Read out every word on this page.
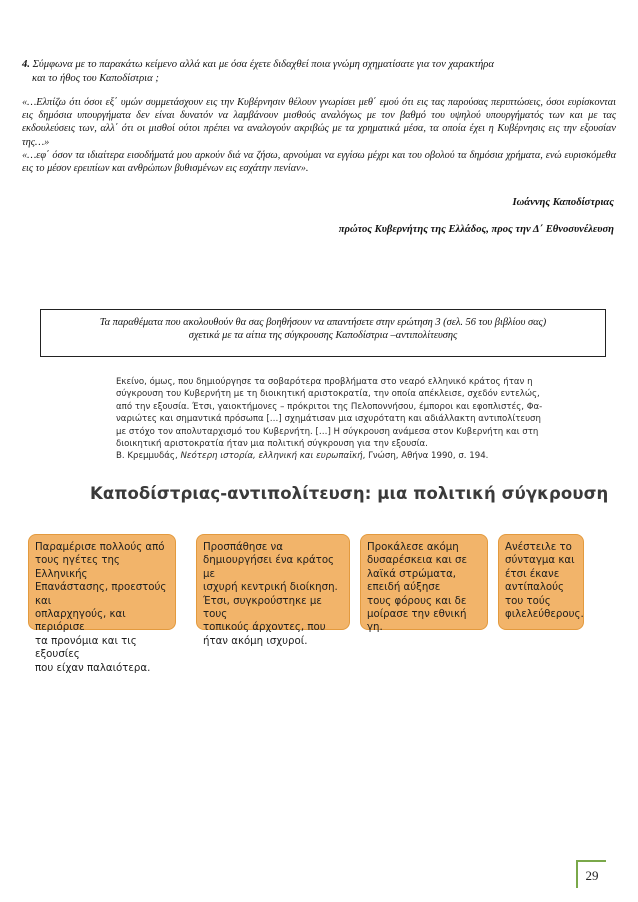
4. Σύμφωνα με το παρακάτω κείμενο αλλά και με όσα έχετε διδαχθεί ποια γνώμη σχηματίσατε για τον χαρακτήρα
και το ήθος του Καποδίστρια ;

«…Ελπίζω ότι όσοι εξ΄ υμών συμμετάσχουν εις την Κυβέρνησιν θέλουν γνωρίσει μεθ΄ εμού ότι εις τας παρούσας περιπτώσεις, όσοι ευρίσκονται εις δημόσια υπουργήματα δεν είναι δυνατόν να λαμβάνουν μισθούς αναλόγως με τον βαθμό του υψηλού υπουργήματός των και με τας εκδουλεύσεις των, αλλ΄ ότι οι μισθοί ούτοι πρέπει να αναλογούν ακριβώς με τα χρηματικά μέσα, τα οποία έχει η Κυβέρνησις εις την εξουσίαν της…»

«…εφ΄ όσον τα ιδιαίτερα εισοδήματά μου αρκούν διά να ζήσω, αρνούμαι να εγγίσω μέχρι και του οβολού τα δημόσια χρήματα, ενώ ευρισκόμεθα εις το μέσον ερειπίων και ανθρώπων βυθισμένων εις εσχάτην πενίαν».

Ιωάννης Καποδίστριας
πρώτος Κυβερνήτης της Ελλάδος, προς την Δ΄ Εθνοσυνέλευση
Τα παραθέματα που ακολουθούν θα σας βοηθήσουν να απαντήσετε στην ερώτηση 3 (σελ. 56 του βιβλίου σας)
σχετικά με τα αίτια της σύγκρουσης Καποδίστρια –αντιπολίτευσης
Εκείνο, όμως, που δημιούργησε τα σοβαρότερα προβλήματα στο νεαρό ελληνικό κράτος ήταν η
σύγκρουση του Κυβερνήτη με τη διοικητική αριστοκρατία, την οποία απέκλεισε, σχεδόν εντελώς,
από την εξουσία. Έτσι, γαιοκτήμονες – πρόκριτοι της Πελοποννήσου, έμποροι και εφοπλιστές, Φα-
ναριώτες και σημαντικά πρόσωπα […] σχημάτισαν μια ισχυρότατη και αδιάλλακτη αντιπολίτευση
με στόχο τον απολυταρχισμό του Κυβερνήτη. […] Η σύγκρουση ανάμεσα στον Κυβερνήτη και στη
διοικητική αριστοκρατία ήταν μια πολιτική σύγκρουση για την εξουσία.
Β. Κρεμμυδάς, Νεότερη ιστορία, ελληνική και ευρωπαϊκή, Γνώση, Αθήνα 1990, σ. 194.
Καποδίστριας-αντιπολίτευση: μια πολιτική σύγκρουση
Παραμέρισε πολλούς από
τους ηγέτες της Ελληνικής
Επανάστασης, προεστούς και
οπλαρχηγούς, και περιόρισε
τα προνόμια και τις εξουσίες
που είχαν παλαιότερα.
Προσπάθησε να
δημιουργήσει ένα κράτος με
ισχυρή κεντρική διοίκηση.
Έτσι, συγκρούστηκε με τους
τοπικούς άρχοντες, που
ήταν ακόμη ισχυροί.
Προκάλεσε ακόμη
δυσαρέσκεια και σε
λαϊκά στρώματα,
επειδή αύξησε
τους φόρους και δε
μοίρασε την εθνική γη.
Ανέστειλε το
σύνταγμα και
έτσι έκανε
αντίπαλούς
του τούς
φιλελεύθερους.
29
